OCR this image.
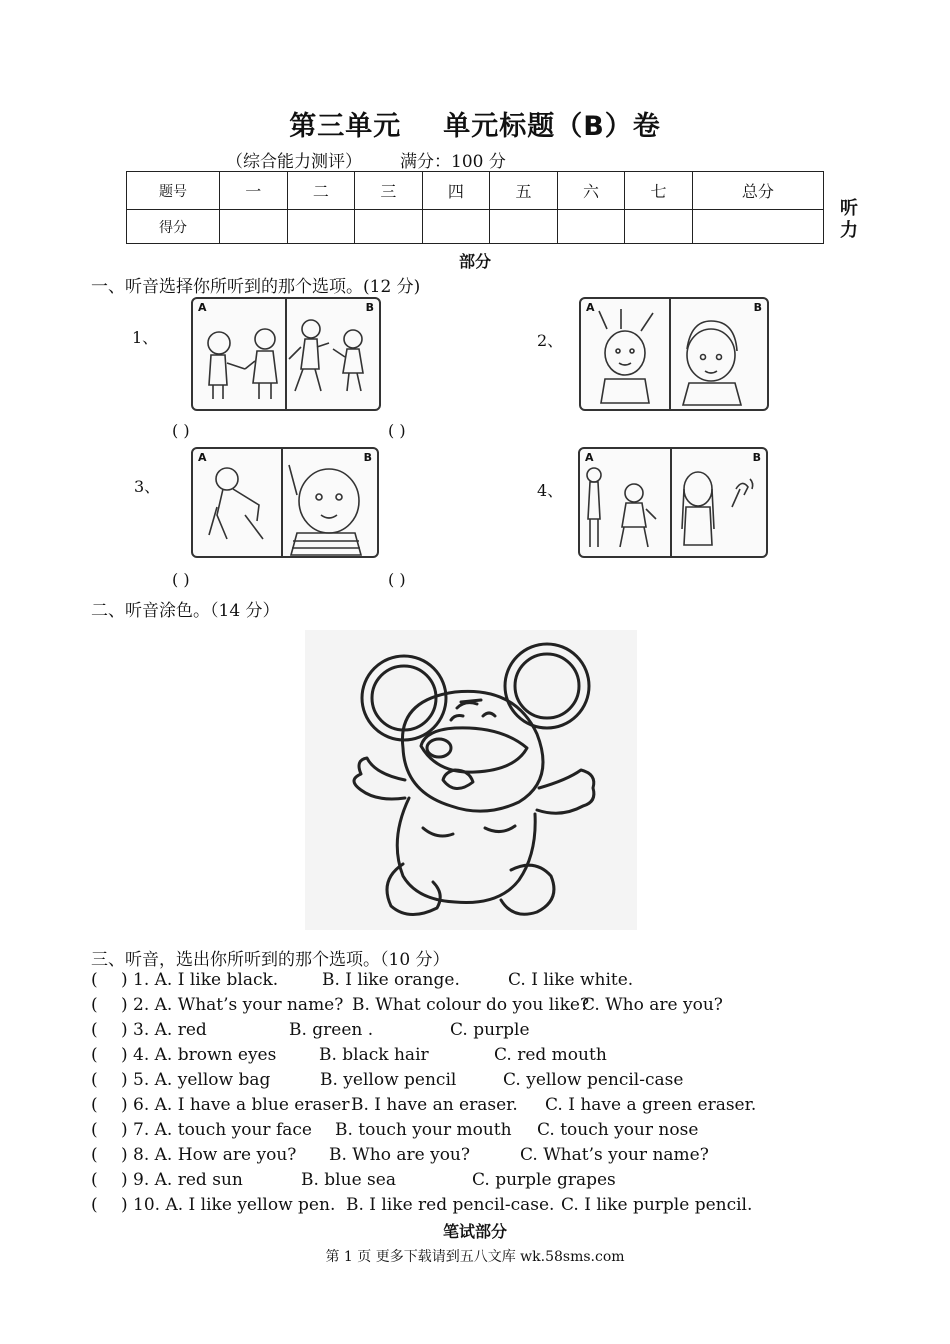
第三单元 单元标题（B）卷
（综合能力测评） 满分：100 分
题号	一	二	三	四	五	六	七	总分
得分								
听力
部分
一、听音选择你所听到的那个选项。(12 分)
1、
A	B
2、
A	B
( )	( )
3、
A	B
4、
A	B
( )	( )
二、听音涂色。（14 分）
三、听音，选出你所听到的那个选项。（10 分）
( ) 1. A. I like black.	B. I like orange.	C. I like white.
( ) 2. A. What’s your name? B. What colour do you like?
C. Who are you?
( ) 3. A. red	B. green .	C. purple
( ) 4. A. brown eyes	B. black hair	C. red mouth
( ) 5. A. yellow bag	B. yellow pencil	C. yellow pencil-case
( ) 6. A. I have a blue eraser B. I have an eraser. C. I have a green eraser.
( ) 7. A. touch your face B. touch your mouth C. touch your nose
( ) 8. A. How are you? B. Who are you?	C. What’s your name?
( ) 9. A. red sun	B. blue sea	C. purple grapes
( ) 10. A. I like yellow pen. B. I like red pencil-case. C. I like purple pencil.
笔试部分
第 1 页 更多下载请到五八文库 wk.58sms.com
